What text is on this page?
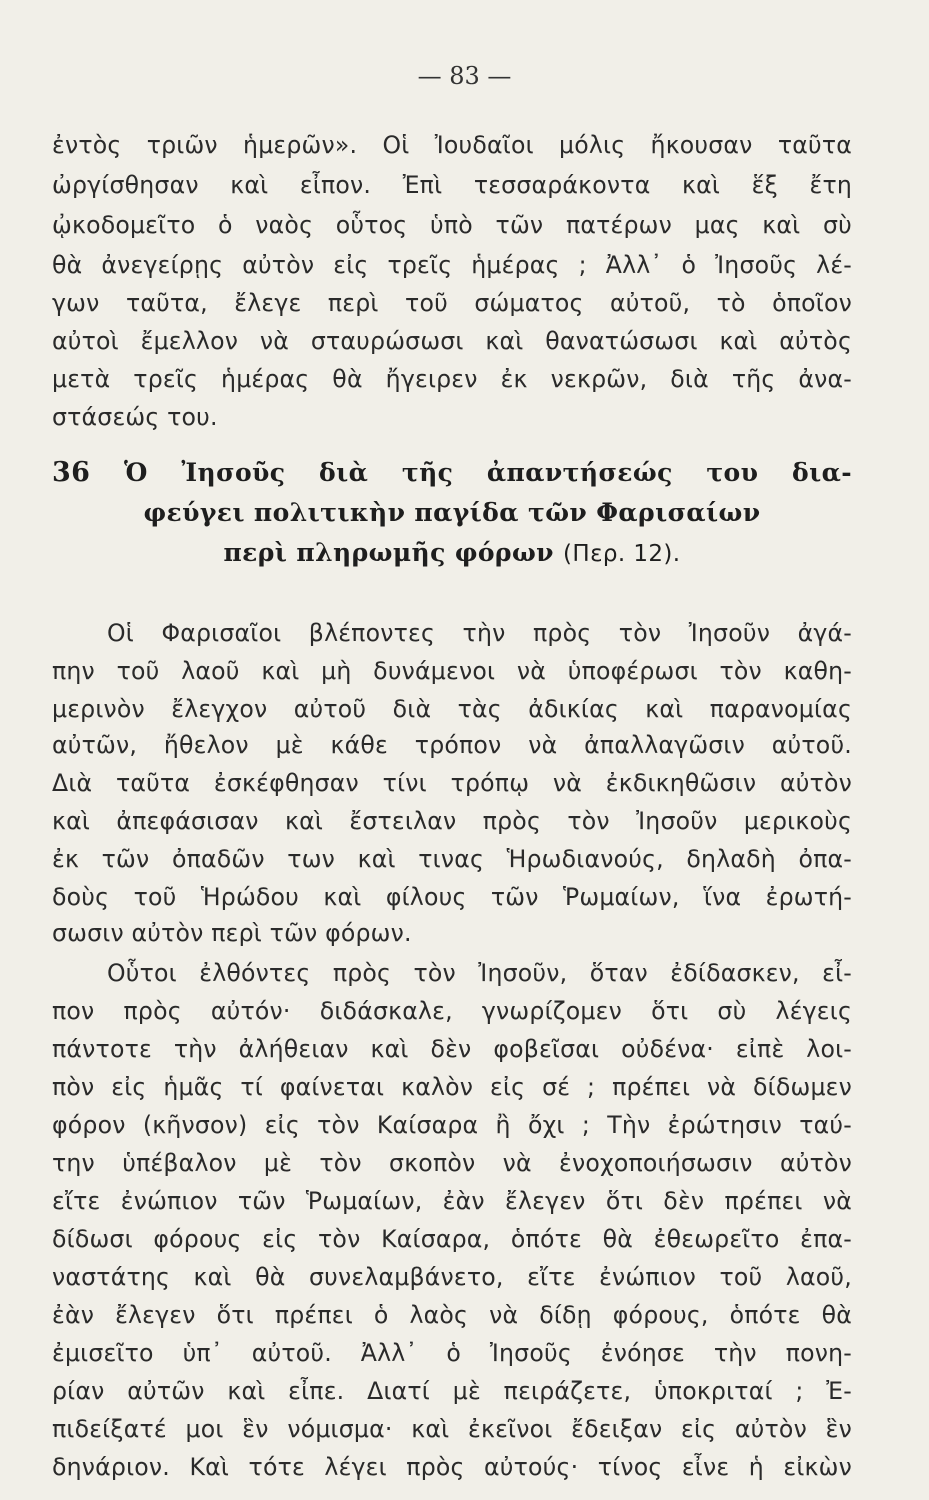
— 83 —
ἐντὸς τριῶν ἡμερῶν». Οἱ Ἰουδαῖοι μόλις ἤκουσαν ταῦτα
ὠργίσθησαν καὶ εἶπον. Ἐπὶ τεσσαράκοντα καὶ ἕξ ἔτη
ᾠκοδομεῖτο ὁ ναὸς οὗτος ὑπὸ τῶν πατέρων μας καὶ σὺ
θὰ ἀνεγείρῃς αὐτὸν εἰς τρεῖς ἡμέρας ; Ἀλλ᾿ ὁ Ἰησοῦς λέ-
γων ταῦτα, ἔλεγε περὶ τοῦ σώματος αὐτοῦ, τὸ ὁποῖον
αὐτοὶ ἔμελλον νὰ σταυρώσωσι καὶ θανατώσωσι καὶ αὐτὸς
μετὰ τρεῖς ἡμέρας θὰ ἤγειρεν ἐκ νεκρῶν, διὰ τῆς ἀνα-
στάσεώς του.
36 Ὁ Ἰησοῦς διὰ τῆς ἀπαντήσεώς του δια-
φεύγει πολιτικὴν παγίδα τῶν Φαρισαίων
περὶ πληρωμῆς φόρων (Περ. 12).
Οἱ Φαρισαῖοι βλέποντες τὴν πρὸς τὸν Ἰησοῦν ἀγά-
πην τοῦ λαοῦ καὶ μὴ δυνάμενοι νὰ ὑποφέρωσι τὸν καθη-
μερινὸν ἔλεγχον αὐτοῦ διὰ τὰς ἀδικίας καὶ παρανομίας
αὐτῶν, ἤθελον μὲ κάθε τρόπον νὰ ἀπαλλαγῶσιν αὐτοῦ.
Διὰ ταῦτα ἐσκέφθησαν τίνι τρόπῳ νὰ ἐκδικηθῶσιν αὐτὸν
καὶ ἀπεφάσισαν καὶ ἔστειλαν πρὸς τὸν Ἰησοῦν μερικοὺς
ἐκ τῶν ὀπαδῶν των καὶ τινας Ἡρωδιανούς, δηλαδὴ ὀπα-
δοὺς τοῦ Ἡρώδου καὶ φίλους τῶν Ῥωμαίων, ἵνα ἐρωτή-
σωσιν αὐτὸν περὶ τῶν φόρων.
Οὗτοι ἐλθόντες πρὸς τὸν Ἰησοῦν, ὅταν ἐδίδασκεν, εἶ-
πον πρὸς αὐτόν· διδάσκαλε, γνωρίζομεν ὅτι σὺ λέγεις
πάντοτε τὴν ἀλήθειαν καὶ δὲν φοβεῖσαι οὐδένα· εἰπὲ λοι-
πὸν εἰς ἡμᾶς τί φαίνεται καλὸν εἰς σέ ; πρέπει νὰ δίδωμεν
φόρον (κῆνσον) εἰς τὸν Καίσαρα ἢ ὄχι ; Τὴν ἐρώτησιν ταύ-
την ὑπέβαλον μὲ τὸν σκοπὸν νὰ ἐνοχοποιήσωσιν αὐτὸν
εἴτε ἐνώπιον τῶν Ῥωμαίων, ἐὰν ἔλεγεν ὅτι δὲν πρέπει νὰ
δίδωσι φόρους εἰς τὸν Καίσαρα, ὁπότε θὰ ἐθεωρεῖτο ἐπα-
ναστάτης καὶ θὰ συνελαμβάνετο, εἴτε ἐνώπιον τοῦ λαοῦ,
ἐὰν ἔλεγεν ὅτι πρέπει ὁ λαὸς νὰ δίδῃ φόρους, ὁπότε θὰ
ἐμισεῖτο ὑπ᾿ αὐτοῦ. Ἀλλ᾿ ὁ Ἰησοῦς ἐνόησε τὴν πονη-
ρίαν αὐτῶν καὶ εἶπε. Διατί μὲ πειράζετε, ὑποκριταί ; Ἐ-
πιδείξατέ μοι ἓν νόμισμα· καὶ ἐκεῖνοι ἔδειξαν εἰς αὐτὸν ἓν
δηνάριον. Καὶ τότε λέγει πρὸς αὐτούς· τίνος εἶνε ἡ εἰκὼν
